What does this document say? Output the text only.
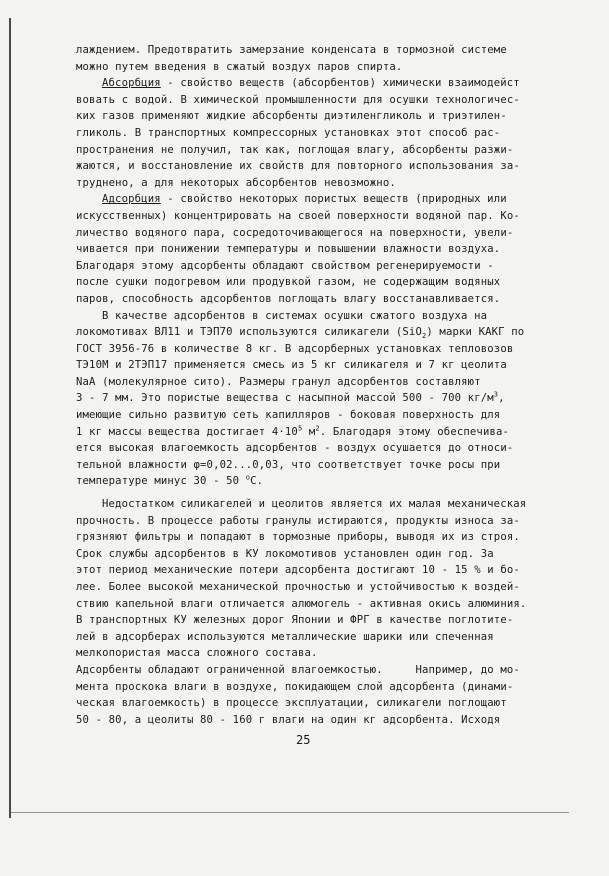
лаждением. Предотвратить замерзание конденсата в тормозной системе
можно путем введения в сжатый воздух паров спирта.
Абсорбция - свойство веществ (абсорбентов) химически взаимодейст
вовать с водой. В химической промышленности для осушки технологичес-
ких газов применяют жидкие абсорбенты диэтиленгликоль и триэтилен-
гликоль. В транспортных компрессорных установках этот способ рас-
пространения не получил, так как, поглощая влагу, абсорбенты разжи-
жаются, и восстановление их свойств для повторного использования за-
труднено, а для некоторых абсорбентов невозможно.
Адсорбция - свойство некоторых пористых веществ (природных или
искусственных) концентрировать на своей поверхности водяной пар. Ко-
личество водяного пара, сосредоточивающегося на поверхности, увели-
чивается при понижении температуры и повышении влажности воздуха.
Благодаря этому адсорбенты обладают свойством регенерируемости -
после сушки подогревом или продувкой газом, не содержащим водяных
паров, способность адсорбентов поглощать влагу восстанавливается.
В качестве адсорбентов в системах осушки сжатого воздуха на
локомотивах ВЛ11 и ТЭП70 используются силикагели (SiO$_2$) марки КАКГ по
ГОСТ 3956-76 в количестве 8 кг. В адсорберных установках тепловозов
ТЭ10М и 2ТЭП17 применяется смесь из 5 кг силикагеля и 7 кг цеолита
NaA (молекулярное сито). Размеры гранул адсорбентов составляют
3 - 7 мм. Это пористые вещества с насыпной массой 500 - 700 $кг/м^3$,
имеющие сильно развитую сеть капилляров - боковая поверхность для
1 кг массы вещества достигает $4\cdot 10^5$ $м^2$. Благодаря этому обеспечива-
ется высокая влагоемкость адсорбентов - воздух осушается до относи-
тельной влажности φ=0,02...0,03, что соответствует точке росы при
температуре минус 30 - 50 $^о$С.
Недостатком силикагелей и цеолитов является их малая механическая
прочность. В процессе работы гранулы истираются, продукты износа за-
грязняют фильтры и попадают в тормозные приборы, выводя их из строя.
Срок службы адсорбентов в КУ локомотивов установлен один год. За
этот период механические потери адсорбента достигают 10 - 15 % и бо-
лее. Более высокой механической прочностью и устойчивостью к воздей-
ствию капельной влаги отличается алюмогель - активная окись алюминия.
В транспортных КУ железных дорог Японии и ФРГ в качестве поглотите-
лей в адсорберах используются металлические шарики или спеченная
мелкопористая масса сложного состава.
Адсорбенты обладают ограниченной влагоемкостью.     Например, до мо-
мента проскока влаги в воздухе, покидающем слой адсорбента (динами-
ческая влагоемкость) в процессе эксплуатации, силикагели поглощают
50 - 80, а цеолиты 80 - 160 г влаги на один кг адсорбента. Исходя
25
